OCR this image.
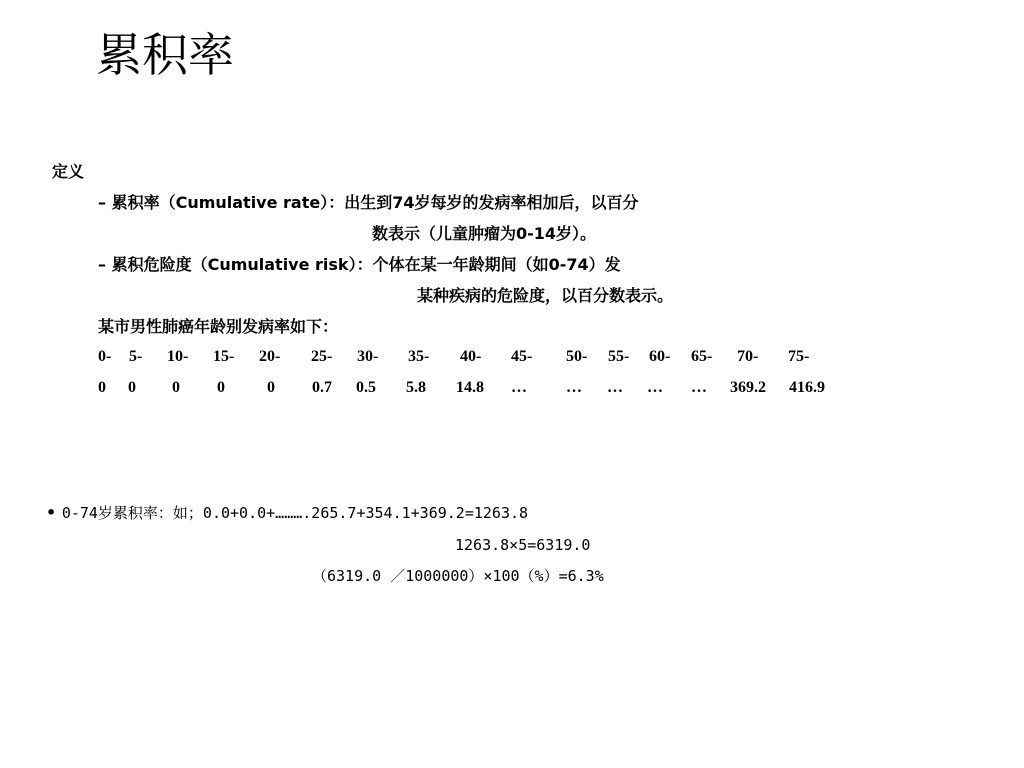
累积率
定义
– 累积率（Cumulative rate）：出生到74岁每岁的发病率相加后，以百分
数表示（儿童肿瘤为0-14岁）。
– 累积危险度（Cumulative risk）：个体在某一年龄期间（如0-74）发
某种疾病的危险度，以百分数表示。
某市男性肺癌年龄别发病率如下：
0- 5- 10- 15- 20- 25- 30- 35- 40- 45- 50- 55- 60- 65- 70- 75-
0 0 0 0	0 0.7 0.5 5.8 14.8 … … … … … 369.2 416.9
• 0-74岁累积率：如；0.0+0.0+……….265.7+354.1+369.2=1263.8
1263.8×5=6319.0
（6319.0 ／1000000）×100（%）=6.3%
